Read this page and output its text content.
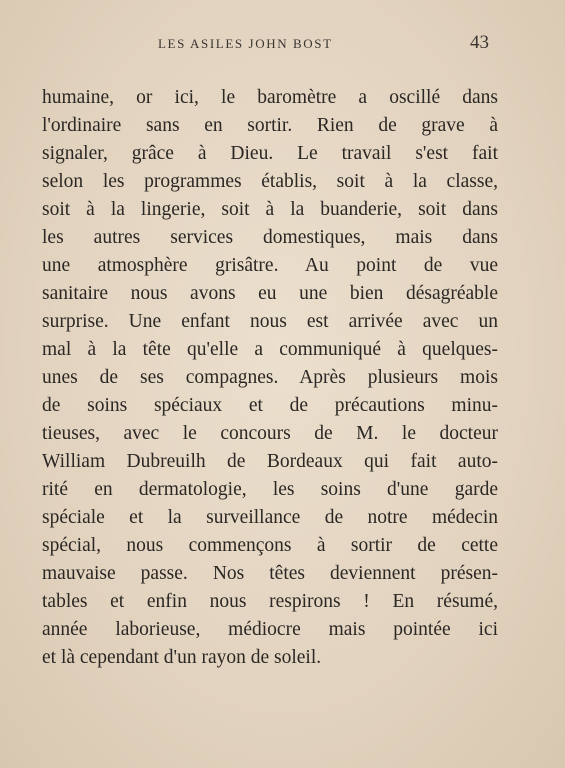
LES ASILES JOHN BOST	43
humaine, or ici, le baromètre a oscillé dans
l'ordinaire sans en sortir. Rien de grave à
signaler, grâce à Dieu. Le travail s'est fait
selon les programmes établis, soit à la classe,
soit à la lingerie, soit à la buanderie, soit dans
les autres services domestiques, mais dans
une atmosphère grisâtre. Au point de vue
sanitaire nous avons eu une bien désagréable
surprise. Une enfant nous est arrivée avec un
mal à la tête qu'elle a communiqué à quelques-
unes de ses compagnes. Après plusieurs mois
de soins spéciaux et de précautions minu-
tieuses, avec le concours de M. le docteur
William Dubreuilh de Bordeaux qui fait auto-
rité en dermatologie, les soins d'une garde
spéciale et la surveillance de notre médecin
spécial, nous commençons à sortir de cette
mauvaise passe. Nos têtes deviennent présen-
tables et enfin nous respirons ! En résumé,
année laborieuse, médiocre mais pointée ici
et là cependant d'un rayon de soleil.
